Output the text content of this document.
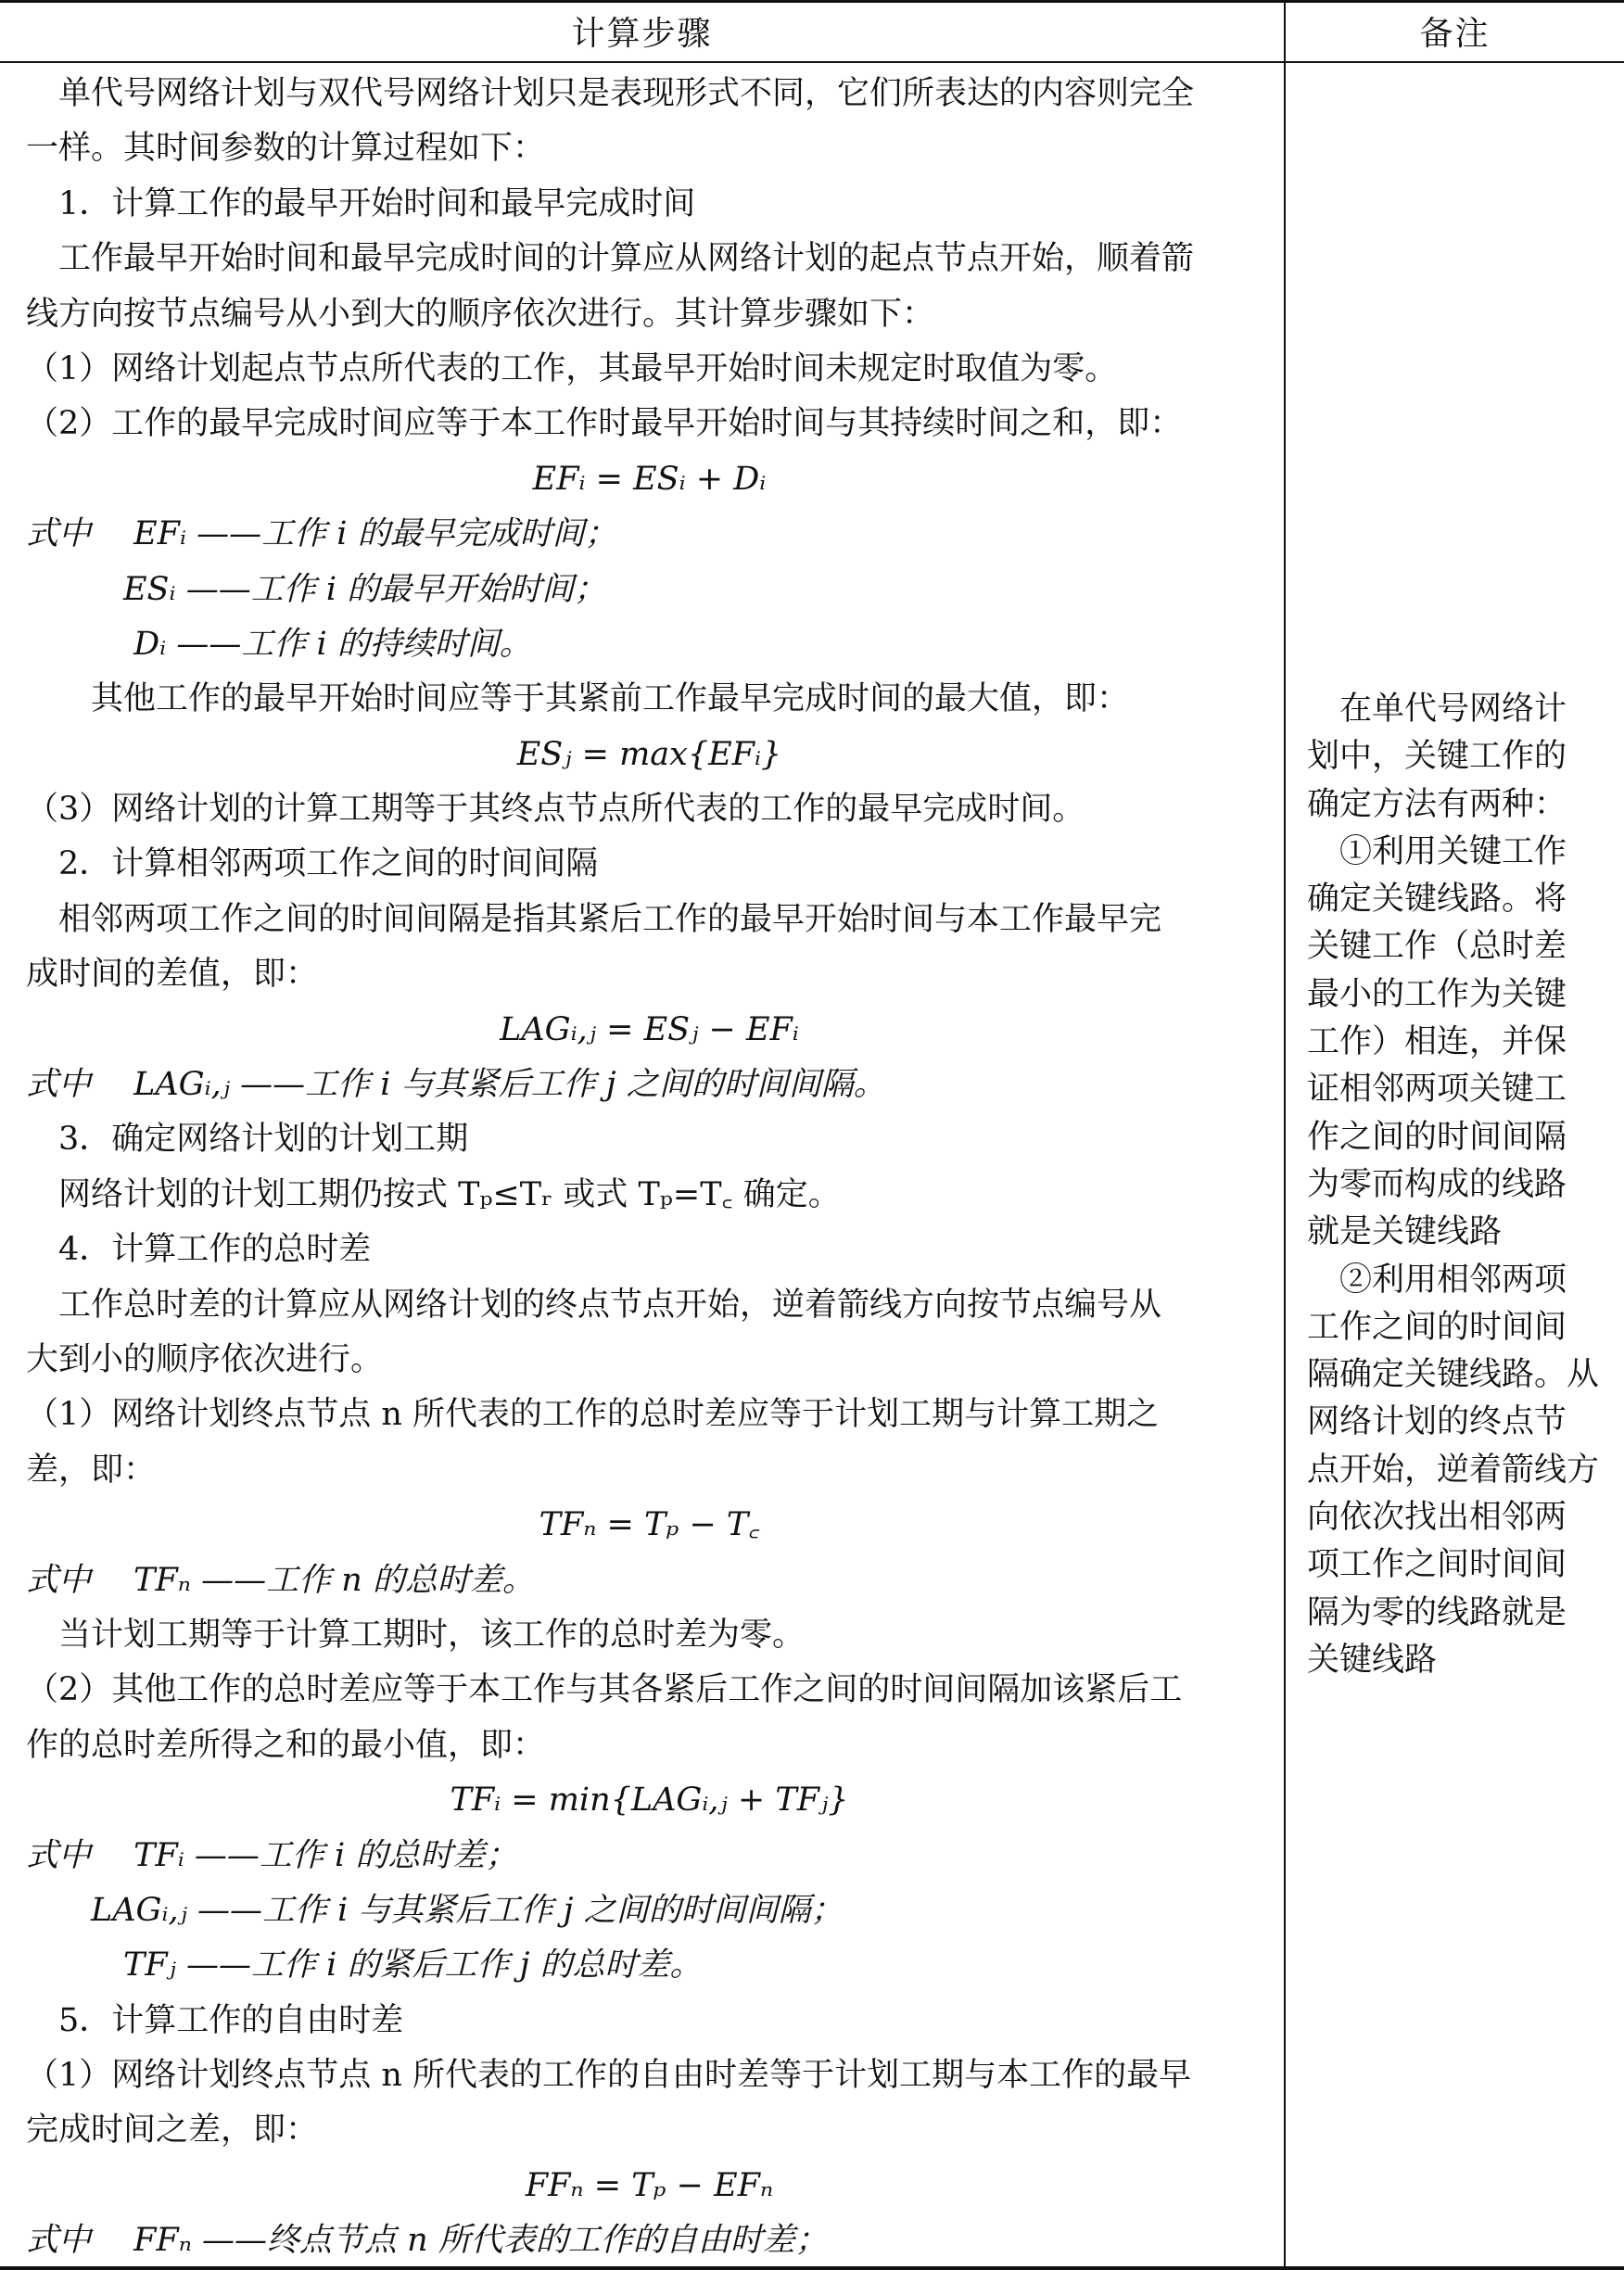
计算步骤	备注
　单代号网络计划与双代号网络计划只是表现形式不同，它们所表达的内容则完全
一样。其时间参数的计算过程如下：
　1．计算工作的最早开始时间和最早完成时间
　工作最早开始时间和最早完成时间的计算应从网络计划的起点节点开始，顺着箭
线方向按节点编号从小到大的顺序依次进行。其计算步骤如下：
（1）网络计划起点节点所代表的工作，其最早开始时间未规定时取值为零。
（2）工作的最早完成时间应等于本工作时最早开始时间与其持续时间之和，即：
EFᵢ = ESᵢ + Dᵢ
式中　 EFᵢ ——工作 i 的最早完成时间；
　　　ESᵢ ——工作 i 的最早开始时间；
　　　 Dᵢ ——工作 i 的持续时间。
　　其他工作的最早开始时间应等于其紧前工作最早完成时间的最大值，即：
ESⱼ = max{EFᵢ}
（3）网络计划的计算工期等于其终点节点所代表的工作的最早完成时间。
　2．计算相邻两项工作之间的时间间隔
　相邻两项工作之间的时间间隔是指其紧后工作的最早开始时间与本工作最早完
成时间的差值，即：
LAGᵢ,ⱼ = ESⱼ − EFᵢ
式中　 LAGᵢ,ⱼ ——工作 i 与其紧后工作 j 之间的时间间隔。
　3．确定网络计划的计划工期
　网络计划的计划工期仍按式 Tₚ≤Tᵣ 或式 Tₚ=T꜀ 确定。
　4．计算工作的总时差
　工作总时差的计算应从网络计划的终点节点开始，逆着箭线方向按节点编号从
大到小的顺序依次进行。
（1）网络计划终点节点 n 所代表的工作的总时差应等于计划工期与计算工期之
差，即：
TFₙ = Tₚ − T꜀
式中　 TFₙ ——工作 n 的总时差。
　当计划工期等于计算工期时，该工作的总时差为零。
（2）其他工作的总时差应等于本工作与其各紧后工作之间的时间间隔加该紧后工
作的总时差所得之和的最小值，即：
TFᵢ = min{LAGᵢ,ⱼ + TFⱼ}
式中　 TFᵢ ——工作 i 的总时差；
　　LAGᵢ,ⱼ ——工作 i 与其紧后工作 j 之间的时间间隔；
　　　TFⱼ ——工作 i 的紧后工作 j 的总时差。
　5．计算工作的自由时差
（1）网络计划终点节点 n 所代表的工作的自由时差等于计划工期与本工作的最早
完成时间之差，即：
FFₙ = Tₚ − EFₙ
式中　 FFₙ ——终点节点 n 所代表的工作的自由时差；
　在单代号网络计
划中，关键工作的
确定方法有两种：
　①利用关键工作
确定关键线路。将
关键工作（总时差
最小的工作为关键
工作）相连，并保
证相邻两项关键工
作之间的时间间隔
为零而构成的线路
就是关键线路
　②利用相邻两项
工作之间的时间间
隔确定关键线路。从
网络计划的终点节
点开始，逆着箭线方
向依次找出相邻两
项工作之间时间间
隔为零的线路就是
关键线路
